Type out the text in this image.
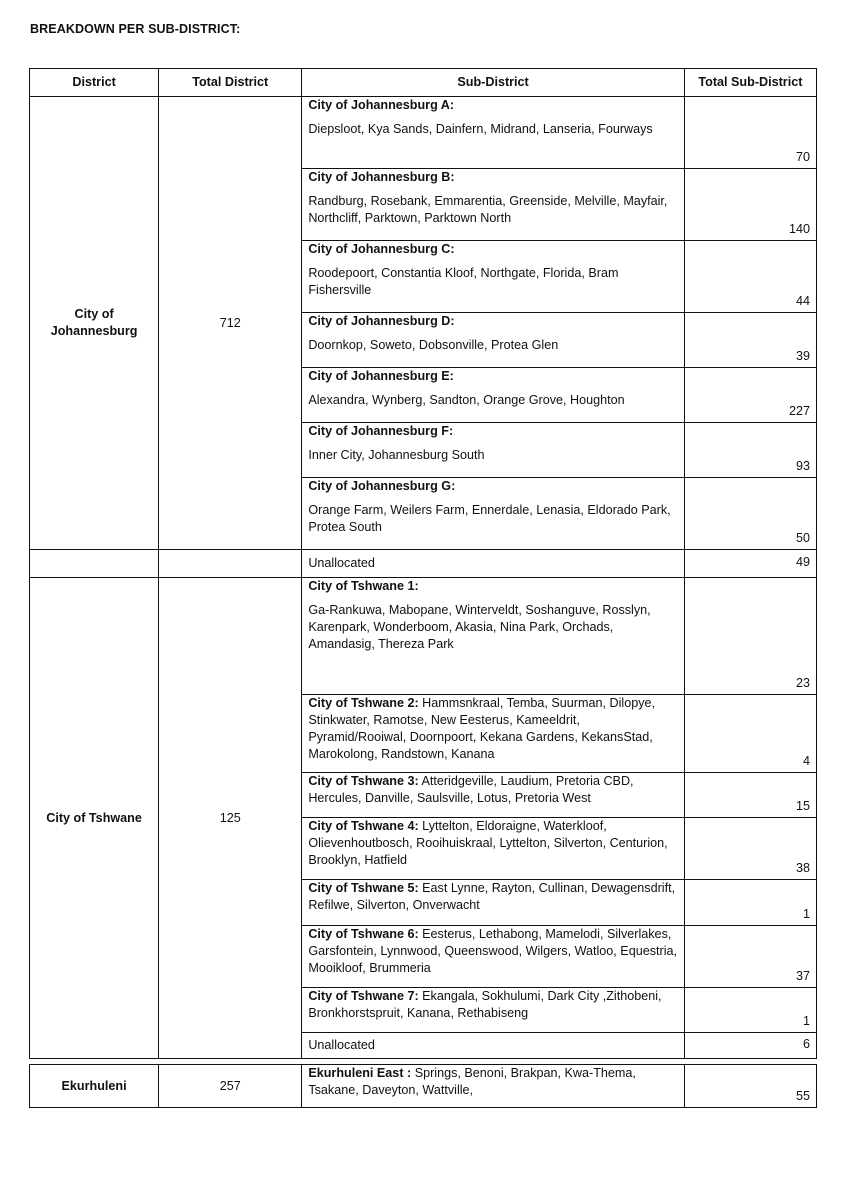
BREAKDOWN PER SUB-DISTRICT:
District	Total District	Sub-District	Total Sub-District
City of Johannesburg	712	City of Johannesburg A:
Diepsloot, Kya Sands, Dainfern, Midrand, Lanseria, Fourways	70

		City of Johannesburg B:
Randburg, Rosebank, Emmarentia, Greenside, Melville, Mayfair, Northcliff, Parktown, Parktown North	140

		City of Johannesburg C:
Roodepoort, Constantia Kloof, Northgate, Florida, Bram Fishersville	44

		City of Johannesburg D:
Doornkop, Soweto, Dobsonville, Protea Glen	39

		City of Johannesburg E:
Alexandra, Wynberg, Sandton, Orange Grove, Houghton	227

		City of Johannesburg F:
Inner City, Johannesburg South	93

		City of Johannesburg G:
Orange Farm, Weilers Farm, Ennerdale, Lenasia, Eldorado Park, Protea South	50
		Unallocated	49
City of Tshwane	125	City of Tshwane 1:
Ga-Rankuwa, Mabopane, Winterveldt, Soshanguve, Rosslyn, Karenpark, Wonderboom, Akasia, Nina Park, Orchads, Amandasig, Thereza Park	23

		City of Tshwane 2: Hammsnkraal, Temba, Suurman, Dilopye, Stinkwater, Ramotse, New Eesterus, Kameeldrit, Pyramid/Rooiwal, Doornpoort, Kekana Gardens, KekansStad, Marokolong, Randstown, Kanana	4

		City of Tshwane 3: Atteridgeville, Laudium, Pretoria CBD, Hercules, Danville, Saulsville, Lotus, Pretoria West	15

		City of Tshwane 4: Lyttelton, Eldoraigne, Waterkloof, Olievenhoutbosch, Rooihuiskraal, Lyttelton, Silverton, Centurion, Brooklyn, Hatfield	38

		City of Tshwane 5: East Lynne, Rayton, Cullinan, Dewagensdrift, Refilwe, Silverton, Onverwacht	1

		City of Tshwane 6: Eesterus, Lethabong, Mamelodi, Silverlakes, Garsfontein, Lynnwood, Queenswood, Wilgers, Watloo, Equestria, Mooikloof, Brummeria	37

		City of Tshwane 7: Ekangala, Sokhulumi, Dark City ,Zithobeni, Bronkhorstspruit, Kanana, Rethabiseng	1
		Unallocated	6

Ekurhuleni	257	Ekurhuleni East : Springs, Benoni, Brakpan, Kwa-Thema, Tsakane, Daveyton, Wattville,	55
